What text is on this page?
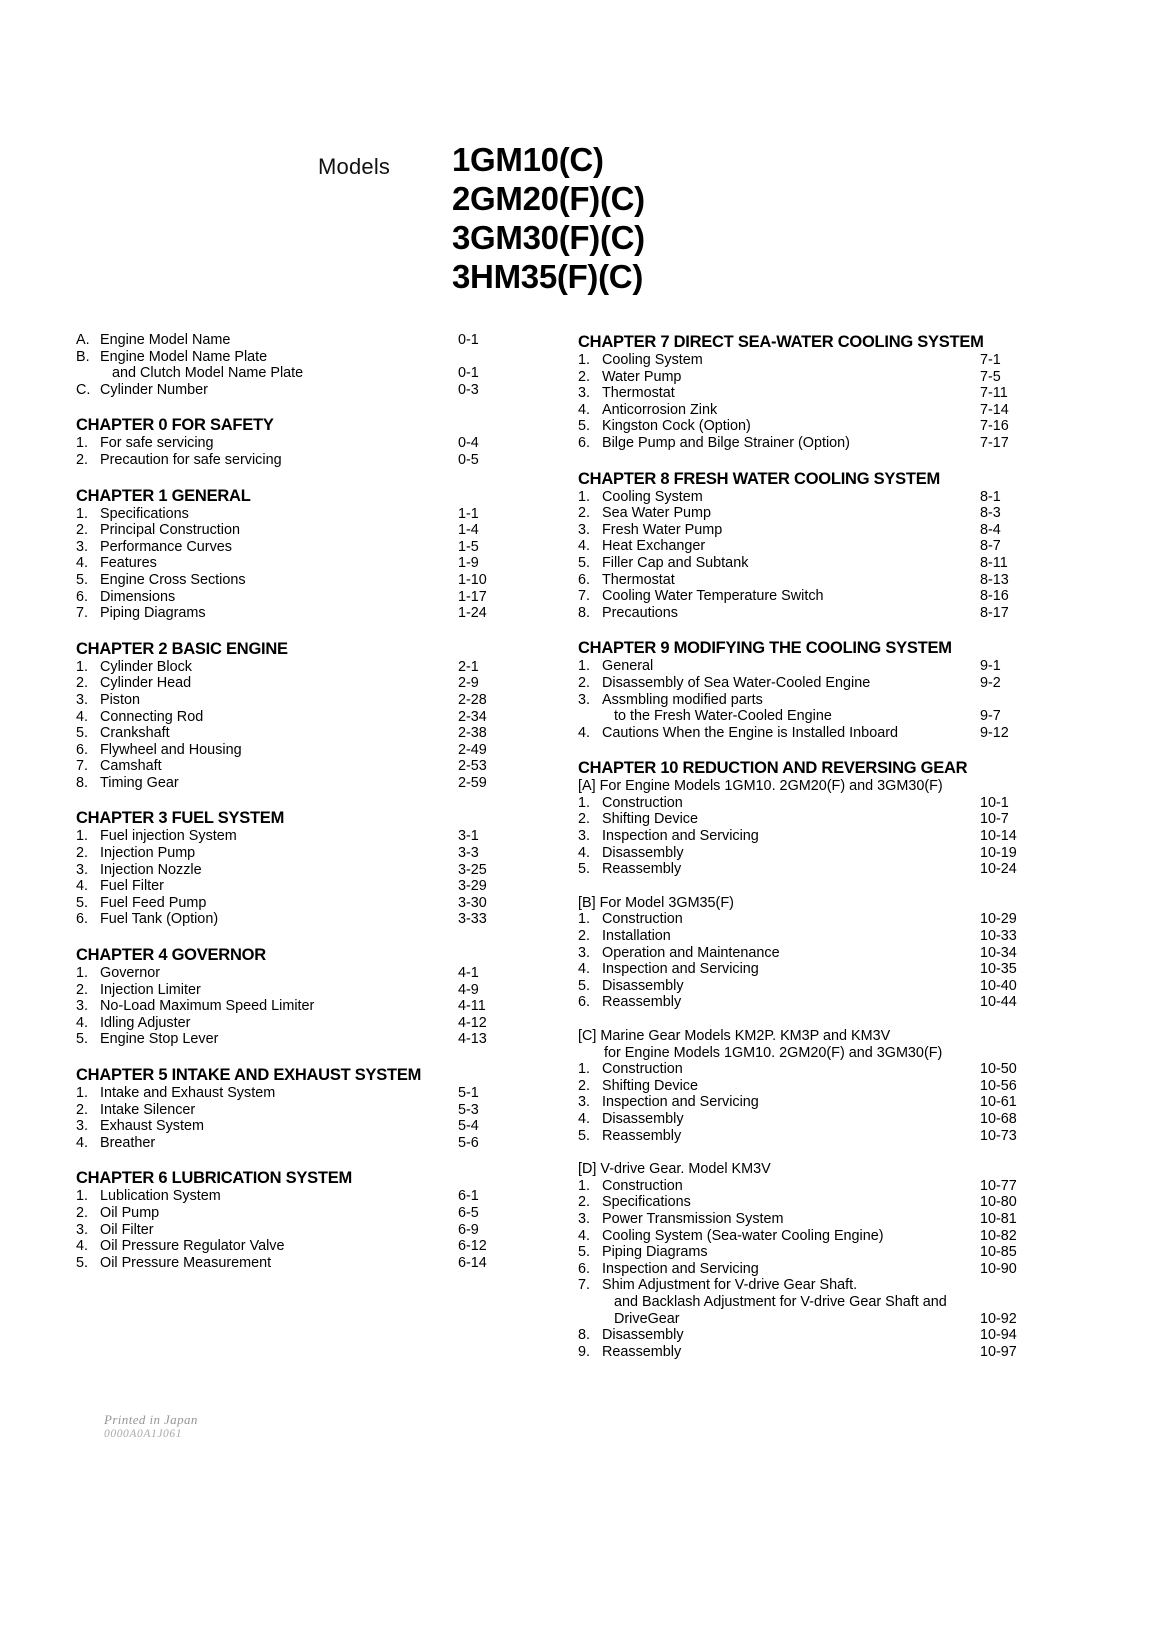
Models 1GM10(C)
2GM20(F)(C)
3GM30(F)(C)
3HM35(F)(C)
A. Engine Model Name	0-1
B. Engine Model Name Plate
and Clutch Model Name Plate	0-1
C. Cylinder Number	0-3
CHAPTER 0 FOR SAFETY
1. For safe servicing	0-4
2. Precaution for safe servicing	0-5
CHAPTER 1 GENERAL
1. Specifications	1-1
2. Principal Construction	1-4
3. Performance Curves	1-5
4. Features	1-9
5. Engine Cross Sections	1-10
6. Dimensions	1-17
7. Piping Diagrams	1-24
CHAPTER 2 BASIC ENGINE
1. Cylinder Block	2-1
2. Cylinder Head	2-9
3. Piston	2-28
4. Connecting Rod	2-34
5. Crankshaft	2-38
6. Flywheel and Housing	2-49
7. Camshaft	2-53
8. Timing Gear	2-59
CHAPTER 3 FUEL SYSTEM
1. Fuel injection System	3-1
2. Injection Pump	3-3
3. Injection Nozzle	3-25
4. Fuel Filter	3-29
5. Fuel Feed Pump	3-30
6. Fuel Tank (Option)	3-33
CHAPTER 4 GOVERNOR
1. Governor	4-1
2. Injection Limiter	4-9
3. No-Load Maximum Speed Limiter	4-11
4. Idling Adjuster	4-12
5. Engine Stop Lever	4-13
CHAPTER 5 INTAKE AND EXHAUST SYSTEM
1. Intake and Exhaust System	5-1
2. Intake Silencer	5-3
3. Exhaust System	5-4
4. Breather	5-6
CHAPTER 6 LUBRICATION SYSTEM
1. Lublication System	6-1
2. Oil Pump	6-5
3. Oil Filter	6-9
4. Oil Pressure Regulator Valve	6-12
5. Oil Pressure Measurement	6-14
CHAPTER 7 DIRECT SEA-WATER COOLING SYSTEM
1. Cooling System	7-1
2. Water Pump	7-5
3. Thermostat	7-11
4. Anticorrosion Zink	7-14
5. Kingston Cock (Option)	7-16
6. Bilge Pump and Bilge Strainer (Option)	7-17
CHAPTER 8 FRESH WATER COOLING SYSTEM
1. Cooling System	8-1
2. Sea Water Pump	8-3
3. Fresh Water Pump	8-4
4. Heat Exchanger	8-7
5. Filler Cap and Subtank	8-11
6. Thermostat	8-13
7. Cooling Water Temperature Switch	8-16
8. Precautions	8-17
CHAPTER 9 MODIFYING THE COOLING SYSTEM
1. General	9-1
2. Disassembly of Sea Water-Cooled Engine	9-2
3. Assmbling modified parts
to the Fresh Water-Cooled Engine	9-7
4. Cautions When the Engine is Installed Inboard	9-12
CHAPTER 10 REDUCTION AND REVERSING GEAR
[A] For Engine Models 1GM10. 2GM20(F) and 3GM30(F)
1. Construction	10-1
2. Shifting Device	10-7
3. Inspection and Servicing	10-14
4. Disassembly	10-19
5. Reassembly	10-24
[B] For Model 3GM35(F)
1. Construction	10-29
2. Installation	10-33
3. Operation and Maintenance	10-34
4. Inspection and Servicing	10-35
5. Disassembly	10-40
6. Reassembly	10-44
[C] Marine Gear Models KM2P. KM3P and KM3V
for Engine Models 1GM10. 2GM20(F) and 3GM30(F)
1. Construction	10-50
2. Shifting Device	10-56
3. Inspection and Servicing	10-61
4. Disassembly	10-68
5. Reassembly	10-73
[D] V-drive Gear. Model KM3V
1. Construction	10-77
2. Specifications	10-80
3. Power Transmission System	10-81
4. Cooling System (Sea-water Cooling Engine)	10-82
5. Piping Diagrams	10-85
6. Inspection and Servicing	10-90
7. Shim Adjustment for V-drive Gear Shaft.
and Backlash Adjustment for V-drive Gear Shaft and
DriveGear	10-92
8. Disassembly	10-94
9. Reassembly	10-97
Printed in Japan
0000A0A1J061
